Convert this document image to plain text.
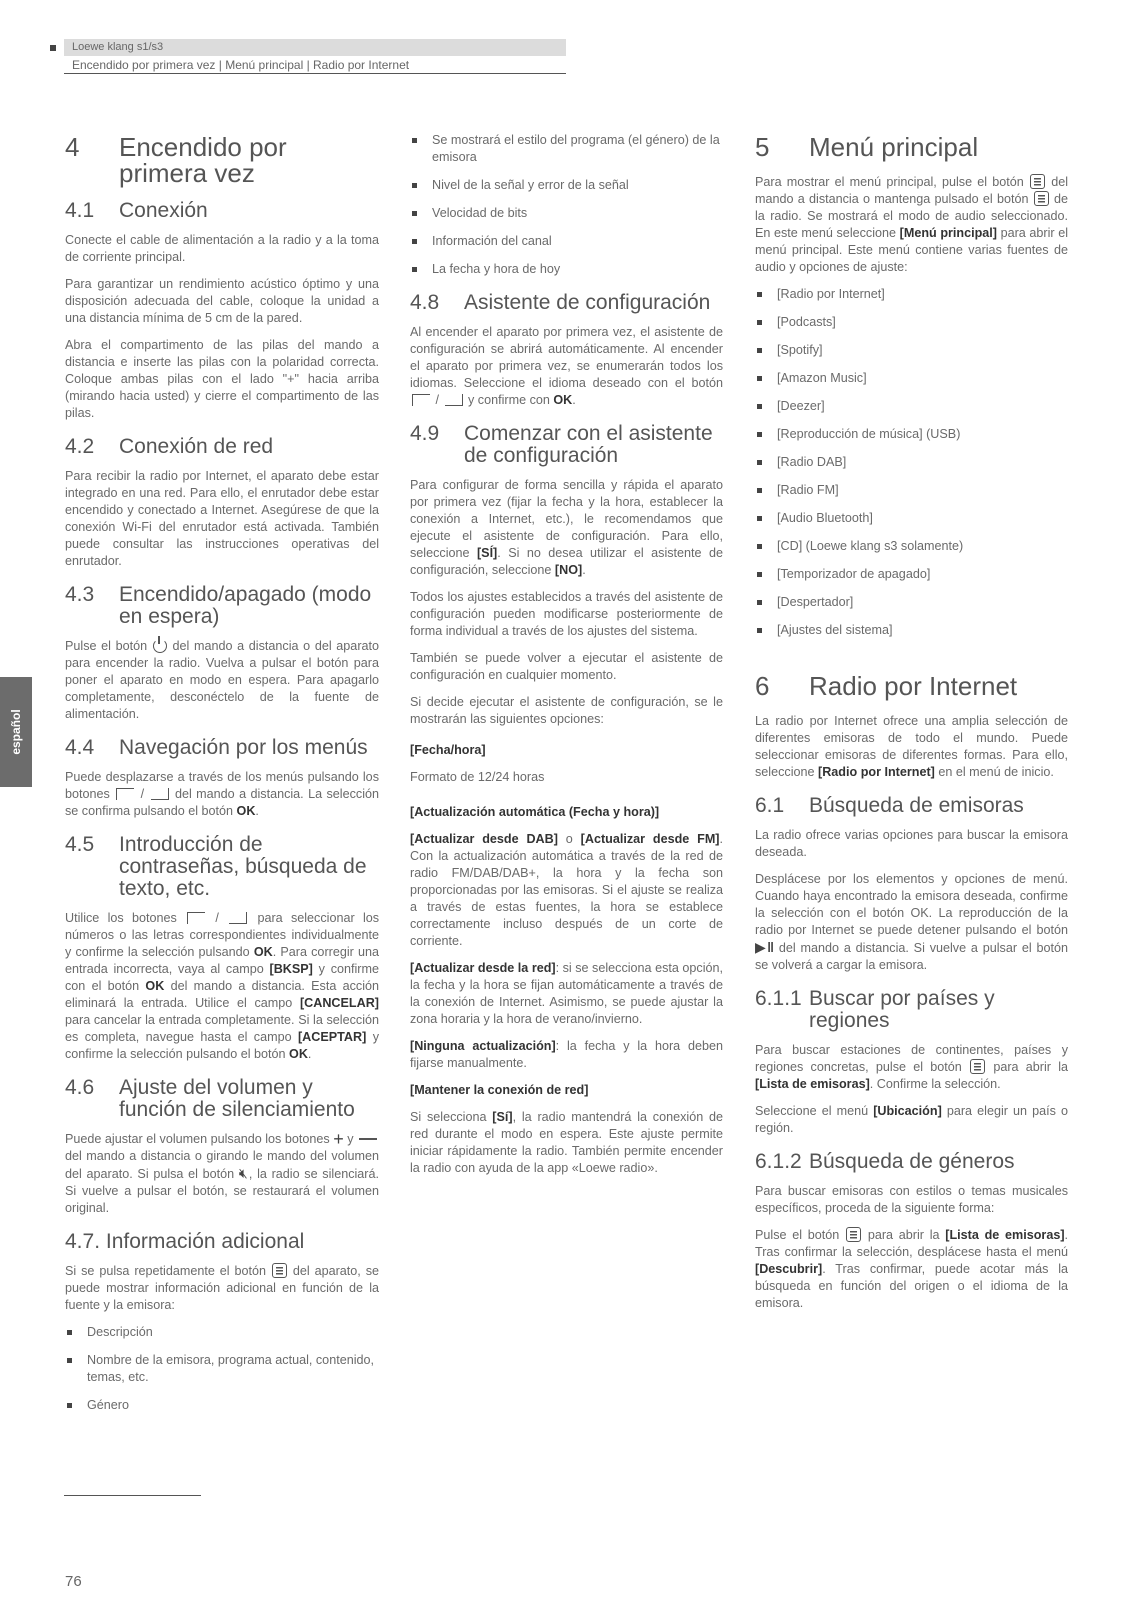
Loewe klang s1/s3
Encendido por primera vez | Menú principal | Radio por Internet
español
4	Encendido por primera vez
4.1	Conexión

Conecte el cable de alimentación a la radio y a la toma de corriente principal.

Para garantizar un rendimiento acústico óptimo y una disposición adecuada del cable, coloque la unidad a una distancia mínima de 5 cm de la pared.

Abra el compartimento de las pilas del mando a distancia e inserte las pilas con la polaridad correcta. Coloque ambas pilas con el lado "+" hacia arriba (mirando hacia usted) y cierre el compartimento de las pilas.

4.2	Conexión de red

Para recibir la radio por Internet, el aparato debe estar integrado en una red. Para ello, el enrutador debe estar encendido y conectado a Internet. Asegúrese de que la conexión Wi-Fi del enrutador está activada. También puede consultar las instrucciones operativas del enrutador.

4.3	Encendido/apagado (modo en espera)

Pulse el botón del mando a distancia o del aparato para encender la radio. Vuelva a pulsar el botón para poner el aparato en modo en espera. Para apagarlo completamente, desconéctelo de la fuente de alimentación.

4.4	Navegación por los menús

Puede desplazarse a través de los menús pulsando los botones / del mando a distancia. La selección se confirma pulsando el botón OK.

4.5	Introducción de contraseñas, búsqueda de texto, etc.

Utilice los botones	/	para seleccionar los números o las letras correspondientes individualmente y confirme la selección pulsando OK. Para corregir una entrada incorrecta, vaya al campo [BKSP] y confirme con el botón OK del mando a distancia. Esta acción eliminará la entrada. Utilice el campo [CANCELAR] para cancelar la entrada completamente. Si la selección es completa, navegue hasta el campo [ACEPTAR] y confirme la selección pulsando el botón OK.

4.6	Ajuste del volumen y función de silenciamiento

Puede ajustar el volumen pulsando los botones + y  del mando a distancia o girando le mando del volumen del aparato. Si pulsa el botón 🔇︎, la radio se silenciará. Si vuelve a pulsar el botón, se restaurará el volumen original.

4.7. Información adicional

Si se pulsa repetidamente el botón del aparato, se puede mostrar información adicional en función de la fuente y la emisora:

Descripción
Nombre de la emisora, programa actual, contenido, temas, etc.
Género
Se mostrará el estilo del programa (el género) de la emisora
Nivel de la señal y error de la señal
Velocidad de bits
Información del canal
La fecha y hora de hoy
4.8	Asistente de configuración

Al encender el aparato por primera vez, el asistente de configuración se abrirá automáticamente. Al encender el aparato por primera vez, se enumerarán todos los idiomas. Seleccione el idioma deseado con el botón  / y confirme con OK.

4.9	Comenzar con el asistente de configuración

Para configurar de forma sencilla y rápida el aparato por primera vez (fijar la fecha y la hora, establecer la conexión a Internet, etc.), le recomendamos que ejecute el asistente de configuración. Para ello, seleccione [SÍ]. Si no desea utilizar el asistente de configuración, seleccione [NO].

Todos los ajustes establecidos a través del asistente de configuración pueden modificarse posteriormente de forma individual a través de los ajustes del sistema.

También se puede volver a ejecutar el asistente de configuración en cualquier momento.

Si decide ejecutar el asistente de configuración, se le mostrarán las siguientes opciones:

[Fecha/hora]

Formato de 12/24 horas

[Actualización automática (Fecha y hora)]

[Actualizar desde DAB] o [Actualizar desde FM]. Con la actualización automática a través de la red de radio FM/DAB/DAB+, la hora y la fecha son proporcionadas por las emisoras. Si el ajuste se realiza a través de estas fuentes, la hora se establece correctamente incluso después de un corte de corriente.

[Actualizar desde la red]: si se selecciona esta opción, la fecha y la hora se fijan automáticamente a través de la conexión de Internet. Asimismo, se puede ajustar la zona horaria y la hora de verano/invierno.

[Ninguna actualización]: la fecha y la hora deben fijarse manualmente.

[Mantener la conexión de red]

Si selecciona [Sí], la radio mantendrá la conexión de red durante el modo en espera. Este ajuste permite iniciar rápidamente la radio. También permite encender la radio con ayuda de la app «Loewe radio».

5	Menú principal

Para mostrar el menú principal, pulse el botón del mando a distancia o mantenga pulsado el botón de la radio. Se mostrará el modo de audio seleccionado. En este menú seleccione [Menú principal] para abrir el menú principal. Este menú contiene varias fuentes de audio y opciones de ajuste:

[Radio por Internet]
[Podcasts]
[Spotify]
[Amazon Music]
[Deezer]
[Reproducción de música] (USB)
[Radio DAB]
[Radio FM]
[Audio Bluetooth]
[CD] (Loewe klang s3 solamente)
[Temporizador de apagado]
[Despertador]
[Ajustes del sistema]
6	Radio por Internet

La radio por Internet ofrece una amplia selección de diferentes emisoras de todo el mundo. Puede seleccionar emisoras de diferentes formas. Para ello, seleccione [Radio por Internet] en el menú de inicio.

6.1	Búsqueda de emisoras

La radio ofrece varias opciones para buscar la emisora deseada.

Desplácese por los elementos y opciones de menú. Cuando haya encontrado la emisora deseada, confirme la selección con el botón OK. La reproducción de la radio por Internet se puede detener pulsando el botón ▶‖ del mando a distancia. Si vuelve a pulsar el botón se volverá a cargar la emisora.

6.1.1 Buscar por países y regiones

Para buscar estaciones de continentes, países y regiones concretas, pulse el botón	para abrir la [Lista de emisoras]. Confirme la selección.

Seleccione el menú [Ubicación] para elegir un país o región.

6.1.2 Búsqueda de géneros

Para buscar emisoras con estilos o temas musicales específicos, proceda de la siguiente forma:

Pulse el botón para abrir la [Lista de emisoras]. Tras confirmar la selección, desplácese hasta el menú [Descubrir]. Tras confirmar, puede acotar más la búsqueda en función del origen o el idioma de la emisora.

76
